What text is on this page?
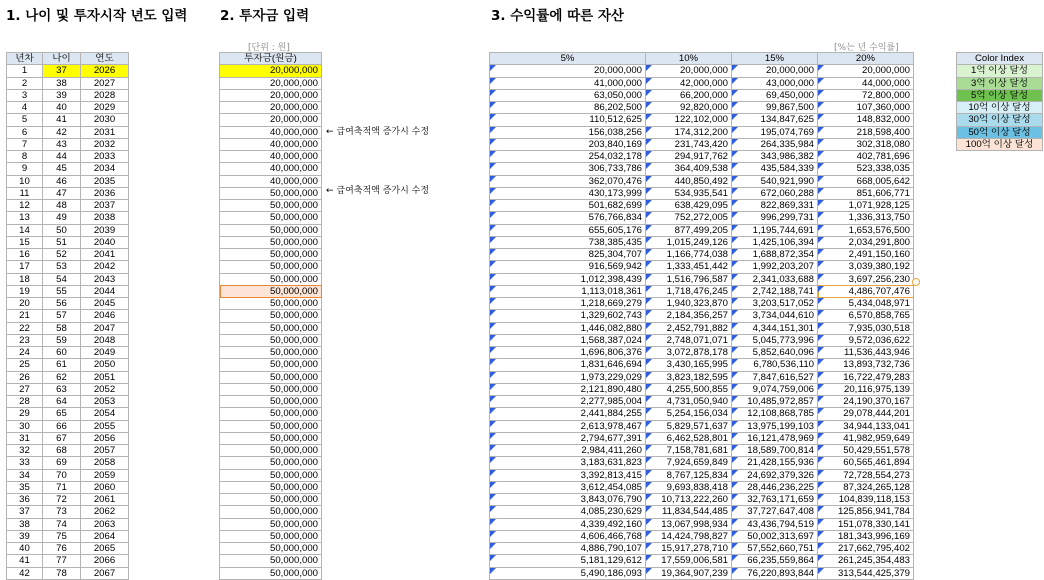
1. 나이 및 투자시작 년도 입력 2. 투자금 입력	3. 수익률에 따른 자산
[단위 : 원]	[%는 년 수익률]
년차	나이	연도
1	37	2026
2	38	2027
3	39	2028
4	40	2029
5	41	2030
6	42	2031
7	43	2032
8	44	2033
9	45	2034
10	46	2035
11	47	2036
12	48	2037
13	49	2038
14	50	2039
15	51	2040
16	52	2041
17	53	2042
18	54	2043
19	55	2044
20	56	2045
21	57	2046
22	58	2047
23	59	2048
24	60	2049
25	61	2050
26	62	2051
27	63	2052
28	64	2053
29	65	2054
30	66	2055
31	67	2056
32	68	2057
33	69	2058
34	70	2059
35	71	2060
36	72	2061
37	73	2062
38	74	2063
39	75	2064
40	76	2065
41	77	2066
42	78	2067
투자금(원금)
20,000,000
20,000,000
20,000,000
20,000,000
20,000,000
40,000,000
40,000,000
40,000,000
40,000,000
40,000,000
50,000,000
50,000,000
50,000,000
50,000,000
50,000,000
50,000,000
50,000,000
50,000,000
50,000,000
50,000,000
50,000,000
50,000,000
50,000,000
50,000,000
50,000,000
50,000,000
50,000,000
50,000,000
50,000,000
50,000,000
50,000,000
50,000,000
50,000,000
50,000,000
50,000,000
50,000,000
50,000,000
50,000,000
50,000,000
50,000,000
50,000,000
50,000,000
← 급여축적액 증가시 수정
← 급여축적액 증가시 수정
5%	10%	15%	20%
20,000,000	20,000,000	20,000,000	20,000,000
41,000,000	42,000,000	43,000,000	44,000,000
63,050,000	66,200,000	69,450,000	72,800,000
86,202,500	92,820,000	99,867,500	107,360,000
110,512,625	122,102,000	134,847,625	148,832,000
156,038,256	174,312,200	195,074,769	218,598,400
203,840,169	231,743,420	264,335,984	302,318,080
254,032,178	294,917,762	343,986,382	402,781,696
306,733,786	364,409,538	435,584,339	523,338,035
362,070,476	440,850,492	540,921,990	668,005,642
430,173,999	534,935,541	672,060,288	851,606,771
501,682,699	638,429,095	822,869,331	1,071,928,125
576,766,834	752,272,005	996,299,731	1,336,313,750
655,605,176	877,499,205	1,195,744,691	1,653,576,500
738,385,435	1,015,249,126	1,425,106,394	2,034,291,800
825,304,707	1,166,774,038	1,688,872,354	2,491,150,160
916,569,942	1,333,451,442	1,992,203,207	3,039,380,192
1,012,398,439	1,516,796,587	2,341,033,688	3,697,256,230
1,113,018,361	1,718,476,245	2,742,188,741	4,486,707,476
1,218,669,279	1,940,323,870	3,203,517,052	5,434,048,971
1,329,602,743	2,184,356,257	3,734,044,610	6,570,858,765
1,446,082,880	2,452,791,882	4,344,151,301	7,935,030,518
1,568,387,024	2,748,071,071	5,045,773,996	9,572,036,622
1,696,806,376	3,072,878,178	5,852,640,096	11,536,443,946
1,831,646,694	3,430,165,995	6,780,536,110	13,893,732,736
1,973,229,029	3,823,182,595	7,847,616,527	16,722,479,283
2,121,890,480	4,255,500,855	9,074,759,006	20,116,975,139
2,277,985,004	4,731,050,940	10,485,972,857	24,190,370,167
2,441,884,255	5,254,156,034	12,108,868,785	29,078,444,201
2,613,978,467	5,829,571,637	13,975,199,103	34,944,133,041
2,794,677,391	6,462,528,801	16,121,478,969	41,982,959,649
2,984,411,260	7,158,781,681	18,589,700,814	50,429,551,578
3,183,631,823	7,924,659,849	21,428,155,936	60,565,461,894
3,392,813,415	8,767,125,834	24,692,379,326	72,728,554,273
3,612,454,085	9,693,838,418	28,446,236,225	87,324,265,128
3,843,076,790	10,713,222,260	32,763,171,659	104,839,118,153
4,085,230,629	11,834,544,485	37,727,647,408	125,856,941,784
4,339,492,160	13,067,998,934	43,436,794,519	151,078,330,141
4,606,466,768	14,424,798,827	50,002,313,697	181,343,996,169
4,886,790,107	15,917,278,710	57,552,660,751	217,662,795,402
5,181,129,612	17,559,006,581	66,235,559,864	261,245,354,483
5,490,186,093	19,364,907,239	76,220,893,844	313,544,425,379
Color Index
1억 이상 달성
3억 이상 달성
5억 이상 달성
10억 이상 달성
30억 이상 달성
50억 이상 달성
100억 이상 달성
